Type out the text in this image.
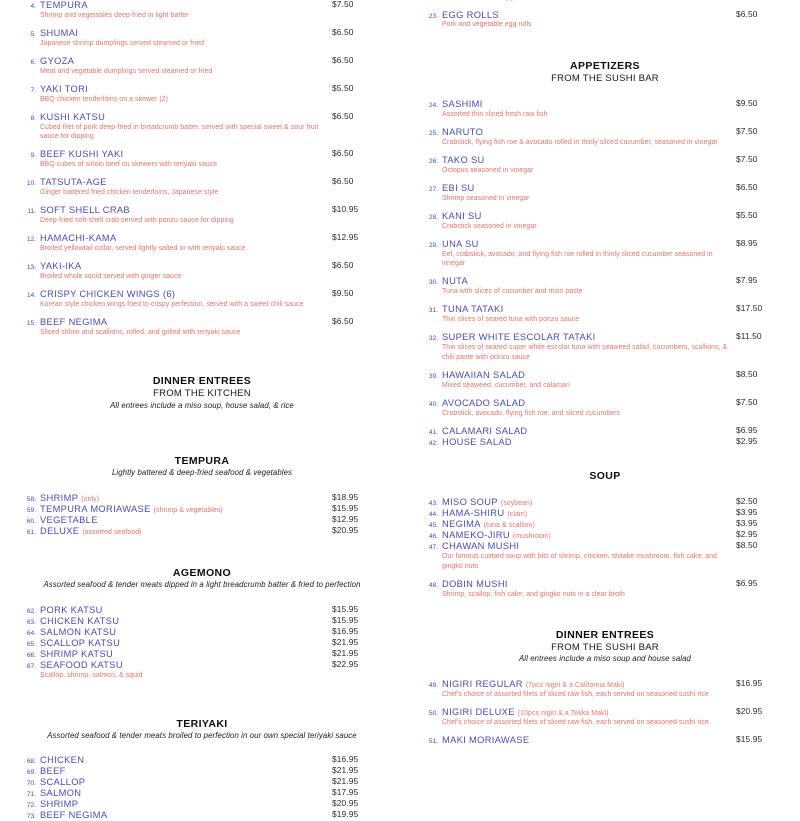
4. TEMPURA
Shrimp and vegetables deep-fried in light batter
$7.50
5. SHUMAI
Japanese shrimp dumplings served steamed or fried
$6.50
6. GYOZA
Meat and vegetable dumplings served steamed or fried
$6.50
7. YAKI TORI
BBQ chicken tenderloins on a skewer (2)
$5.50
8. KUSHI KATSU
Cubed filet of pork deep-fried in breadcrumb batter, served with special sweet & sour fruit sauce for dipping
$6.50
9. BEEF KUSHI YAKI
BBQ cubes of sirloin beef on skewers with teriyaki sauce
$6.50
10. TATSUTA-AGE
Ginger battered fried chicken tenderloins, Japanese style
$6.50
11. SOFT SHELL CRAB
Deep-fried soft-shell crab served with ponzu sauce for dipping
$10.95
12. HAMACHI-KAMA
Broiled yellowtail collar, served lightly salted or with teriyaki sauce
$12.95
13. YAKI-IKA
Broiled whole squid served with ginger sauce
$6.50
14. CRISPY CHICKEN WINGS (6)
Korean style chicken wings fried to crispy perfection, served with a sweet chili sauce
$9.50
15. BEEF NEGIMA
Sliced sirloin and scallions, rolled, and grilled with teriyaki sauce
$6.50
DINNER ENTREES
FROM THE KITCHEN
All entrees include a miso soup, house salad, & rice
TEMPURA
Lightly battered & deep-fried seafood & vegetables
58. SHRIMP (only)	$18.95
59. TEMPURA MORIAWASE (shrimp & vegetables)	$15.95
60. VEGETABLE	$12.95
61. DELUXE (assorted seafood)	$20.95
AGEMONO
Assorted seafood & tender meats dipped in a light breadcrumb batter & fried to perfection
62. PORK KATSU	$15.95
63. CHICKEN KATSU	$15.95
64. SALMON KATSU	$16.95
65. SCALLOP KATSU	$21.95
66. SHRIMP KATSU	$21.95
67. SEAFOOD KATSU
Scallop, shrimp, salmon, & squid
$22.95
TERIYAKI
Assorted seafood & tender meats broiled to perfection in our own special teriyaki sauce
68. CHICKEN	$16.95
69. BEEF	$21.95
70. SCALLOP	$21.95
71. SALMON	$17.95
72. SHRIMP	$20.95
73. BEEF NEGIMA	$19.95
23. EGG ROLLS
Pork and vegetable egg rolls
$6.50
APPETIZERS
FROM THE SUSHI BAR
24. SASHIMI
Assorted thin sliced fresh raw fish
$9.50
25. NARUTO
Crabstick, flying fish roe & avocado rolled in thinly sliced cucumber, seasoned in vinegar
$7.50
26. TAKO SU
Octopus seasoned in vinegar
$7.50
27. EBI SU
Shrimp seasoned in vinegar
$6.50
28. KANI SU
Crabstick seasoned in vinegar
$5.50
29. UNA SU
Eel, crabstick, avocado, and flying fish roe rolled in thinly sliced cucumber seasoned in vinegar
$8.95
30. NUTA
Tuna with slices of cucumber and miso paste
$7.95
31. TUNA TATAKI
Thin slices of seared tuna with ponzu sauce
$17.50
32. SUPER WHITE ESCOLAR TATAKI
Thin slices of seared super white escolar tuna with seaweed salad, cucumbers, scallions, & chili paste with ponzu sauce
$11.50
39. HAWAIIAN SALAD
Mixed seaweed, cucumber, and calamari
$8.50
40. AVOCADO SALAD
Crabstick, avocado, flying fish roe, and sliced cucumbers
$7.50
41. CALAMARI SALAD	$6.95
42. HOUSE SALAD	$2.95
SOUP
43. MISO SOUP (soybean)	$2.50
44. HAMA-SHIRU (clam)	$3.95
45. NEGIMA (tuna & scallion)	$3.95
46. NAMEKO-JIRU (mushroom)	$2.95
47. CHAWAN MUSHI
Our famous custard soup with bits of shrimp, chicken, shitake mushroom, fish cake, and gingko nuts
$8.50
48. DOBIN MUSHI
Shrimp, scallop, fish cake, and gingko nuts in a clear broth
$6.95
DINNER ENTREES
FROM THE SUSHI BAR
All entrees include a miso soup and house salad
49. NIGIRI REGULAR (7pcs nigiri & a California Maki)
Chef's choice of assorted filets of sliced raw fish, each served on seasoned sushi rice
$16.95
50. NIGIRI DELUXE (10pcs nigiri & a Tekka Maki)
Chef's choice of assorted filets of sliced raw fish, each served on seasoned sushi rice
$20.95
51. MAKI MORIAWASE	$15.95
